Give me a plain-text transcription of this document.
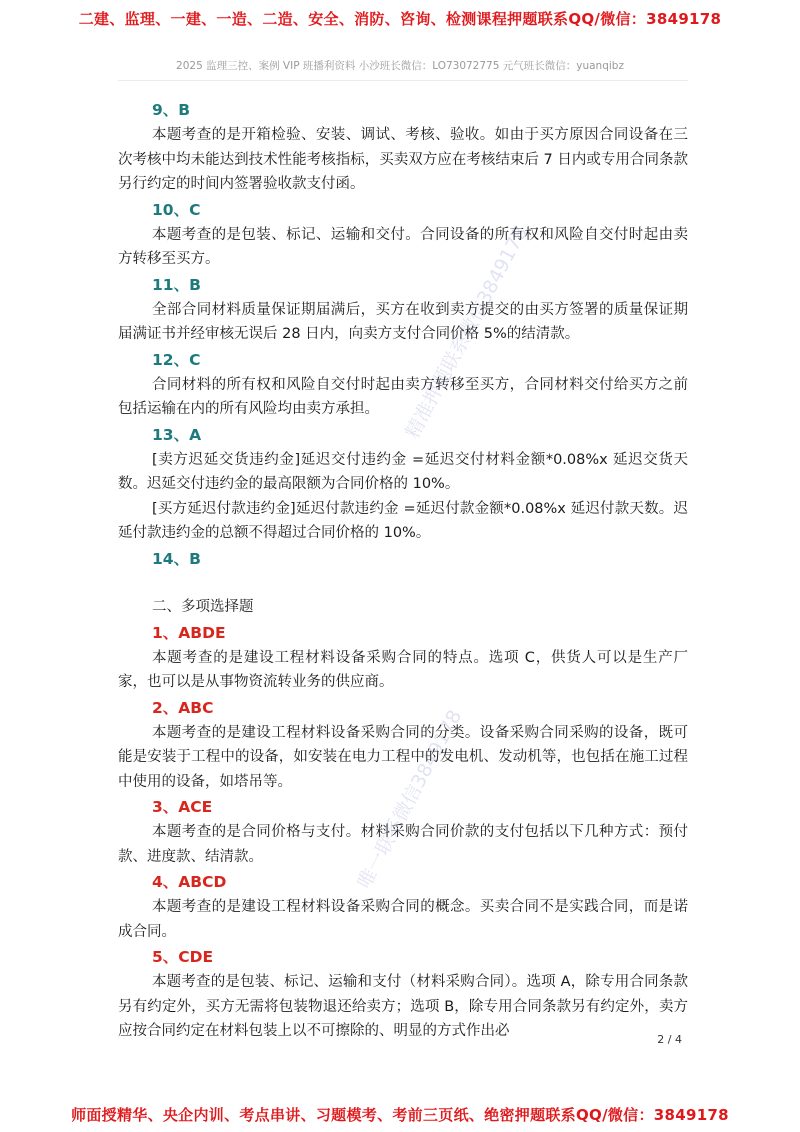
二建、监理、一建、一造、二造、安全、消防、咨询、检测课程押题联系QQ/微信：3849178
2025 监理三控、案例 VIP 班播利资料 小沙班长微信：LO73072775 元气班长微信：yuanqibz
9、B
本题考查的是开箱检验、安装、调试、考核、验收。如由于买方原因合同设备在三次考核中均未能达到技术性能考核指标，买卖双方应在考核结束后 7 日内或专用合同条款另行约定的时间内签署验收款支付函。
10、C
本题考查的是包装、标记、运输和交付。合同设备的所有权和风险自交付时起由卖方转移至买方。
11、B
全部合同材料质量保证期届满后，买方在收到卖方提交的由买方签署的质量保证期届满证书并经审核无误后 28 日内，向卖方支付合同价格 5%的结清款。
12、C
合同材料的所有权和风险自交付时起由卖方转移至买方，合同材料交付给买方之前包括运输在内的所有风险均由卖方承担。
13、A
[卖方迟延交货违约金]延迟交付违约金 =延迟交付材料金额*0.08%x 延迟交货天数。迟延交付违约金的最高限额为合同价格的 10%。
[买方延迟付款违约金]延迟付款违约金 =延迟付款金额*0.08%x 延迟付款天数。迟延付款违约金的总额不得超过合同价格的 10%。
14、B
二、多项选择题
1、ABDE
本题考查的是建设工程材料设备采购合同的特点。选项 C，供货人可以是生产厂家，也可以是从事物资流转业务的供应商。
2、ABC
本题考查的是建设工程材料设备采购合同的分类。设备采购合同采购的设备，既可能是安装于工程中的设备，如安装在电力工程中的发电机、发动机等，也包括在施工过程中使用的设备，如塔吊等。
3、ACE
本题考查的是合同价格与支付。材料采购合同价款的支付包括以下几种方式：预付款、进度款、结清款。
4、ABCD
本题考查的是建设工程材料设备采购合同的概念。买卖合同不是实践合同，而是诺成合同。
5、CDE
本题考查的是包装、标记、运输和支付（材料采购合同）。选项 A，除专用合同条款另有约定外，买方无需将包装物退还给卖方；选项 B，除专用合同条款另有约定外，卖方应按合同约定在材料包装上以不可擦除的、明显的方式作出必
精准押题联系微信3849178
唯一联系微信3849178
2 / 4
师面授精华、央企内训、考点串讲、习题模考、考前三页纸、绝密押题联系QQ/微信：3849178
